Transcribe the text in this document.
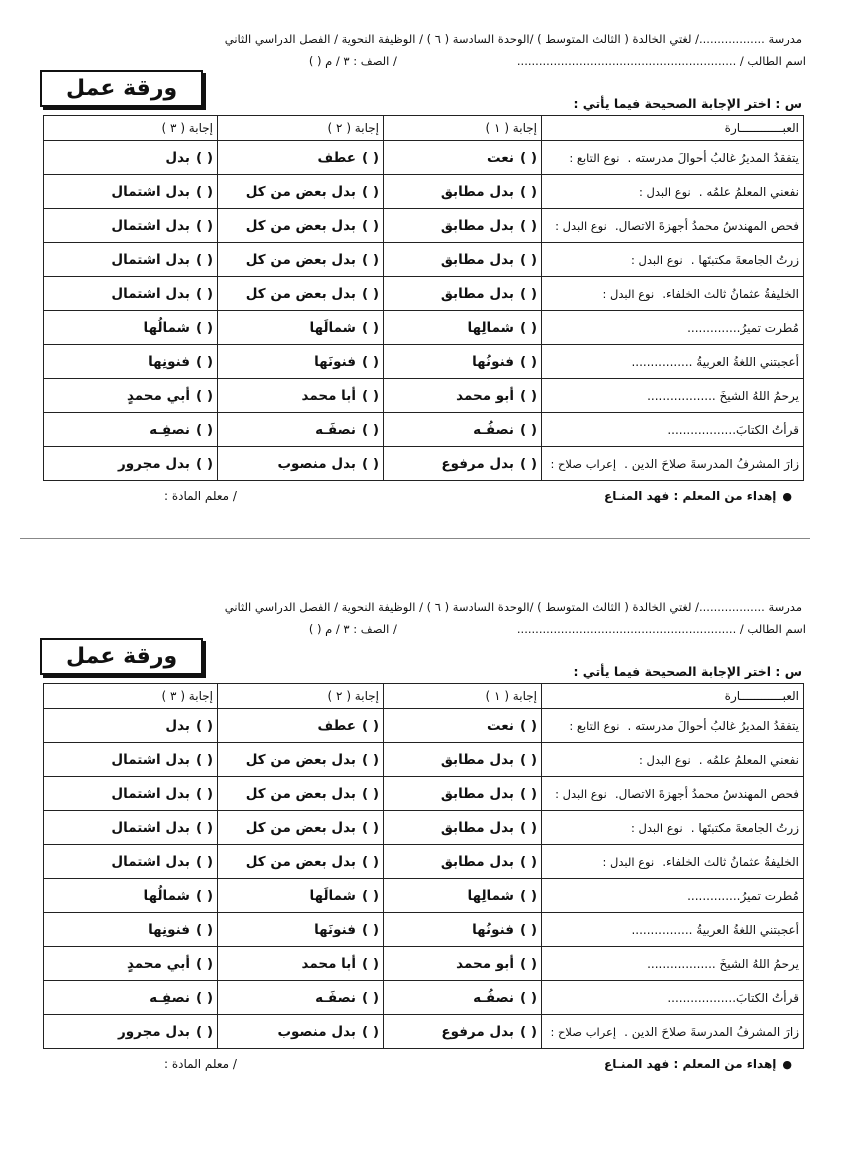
مدرسة ................../ لغتي الخالدة ( الثالث المتوسط ) /الوحدة السادسة ( ٦ ) / الوظيفة النحوية / الفصل الدراسي الثاني
اسم الطالب / ............................................................
/ الصف : ٣ / م ( )
ورقة عمل
س : اختر الإجابة الصحيحة فيما يأتي :
العبــــــــــــارة	إجابة ( ١ )	إجابة ( ٢ )	إجابة ( ٣ )
يتفقدُ المديرُ غالبُ أحوالَ مدرسته .نوع التابع :	( )نعت	( )عطف	( )بدل
نفعني المعلمُ علمُه .نوع البدل :	( )بدل مطابق	( )بدل بعض من كل	( )بدل اشتمال
فحص المهندسُ محمدُ أجهزةَ الاتصال.نوع البدل :	( )بدل مطابق	( )بدل بعض من كل	( )بدل اشتمال
زرتُ الجامعةَ مكتبتَها .نوع البدل :	( )بدل مطابق	( )بدل بعض من كل	( )بدل اشتمال
الخليفةُ عثمانُ ثالث الخلفاء.نوع البدل :	( )بدل مطابق	( )بدل بعض من كل	( )بدل اشتمال
مُطرت تميرُ..............	( )شمالِها	( )شمالَها	( )شمالُها
أعجبتني اللغةُ العربيةُ ................	( )فنونُها	( )فنونَها	( )فنونِها
يرحمُ اللهُ الشيخَ ..................	( )أبو محمد	( )أبا محمد	( )أبي محمدٍ
قرأتُ الكتابَ..................	( )نصفُـه	( )نصفَـه	( )نصفِـه
زارَ المشرفُ المدرسةَ صلاحَ الدين .إعراب صلاح :	( )بدل مرفوع	( )بدل منصوب	( )بدل مجرور
●إهداء من المعلم : فهد المنـاع
/ معلم المادة :
مدرسة ................../ لغتي الخالدة ( الثالث المتوسط ) /الوحدة السادسة ( ٦ ) / الوظيفة النحوية / الفصل الدراسي الثاني
اسم الطالب / ............................................................
/ الصف : ٣ / م ( )
ورقة عمل
س : اختر الإجابة الصحيحة فيما يأتي :
العبــــــــــــارة	إجابة ( ١ )	إجابة ( ٢ )	إجابة ( ٣ )
يتفقدُ المديرُ غالبُ أحوالَ مدرسته .نوع التابع :	( )نعت	( )عطف	( )بدل
نفعني المعلمُ علمُه .نوع البدل :	( )بدل مطابق	( )بدل بعض من كل	( )بدل اشتمال
فحص المهندسُ محمدُ أجهزةَ الاتصال.نوع البدل :	( )بدل مطابق	( )بدل بعض من كل	( )بدل اشتمال
زرتُ الجامعةَ مكتبتَها .نوع البدل :	( )بدل مطابق	( )بدل بعض من كل	( )بدل اشتمال
الخليفةُ عثمانُ ثالث الخلفاء.نوع البدل :	( )بدل مطابق	( )بدل بعض من كل	( )بدل اشتمال
مُطرت تميرُ..............	( )شمالِها	( )شمالَها	( )شمالُها
أعجبتني اللغةُ العربيةُ ................	( )فنونُها	( )فنونَها	( )فنونِها
يرحمُ اللهُ الشيخَ ..................	( )أبو محمد	( )أبا محمد	( )أبي محمدٍ
قرأتُ الكتابَ..................	( )نصفُـه	( )نصفَـه	( )نصفِـه
زارَ المشرفُ المدرسةَ صلاحَ الدين .إعراب صلاح :	( )بدل مرفوع	( )بدل منصوب	( )بدل مجرور
●إهداء من المعلم : فهد المنـاع
/ معلم المادة :
